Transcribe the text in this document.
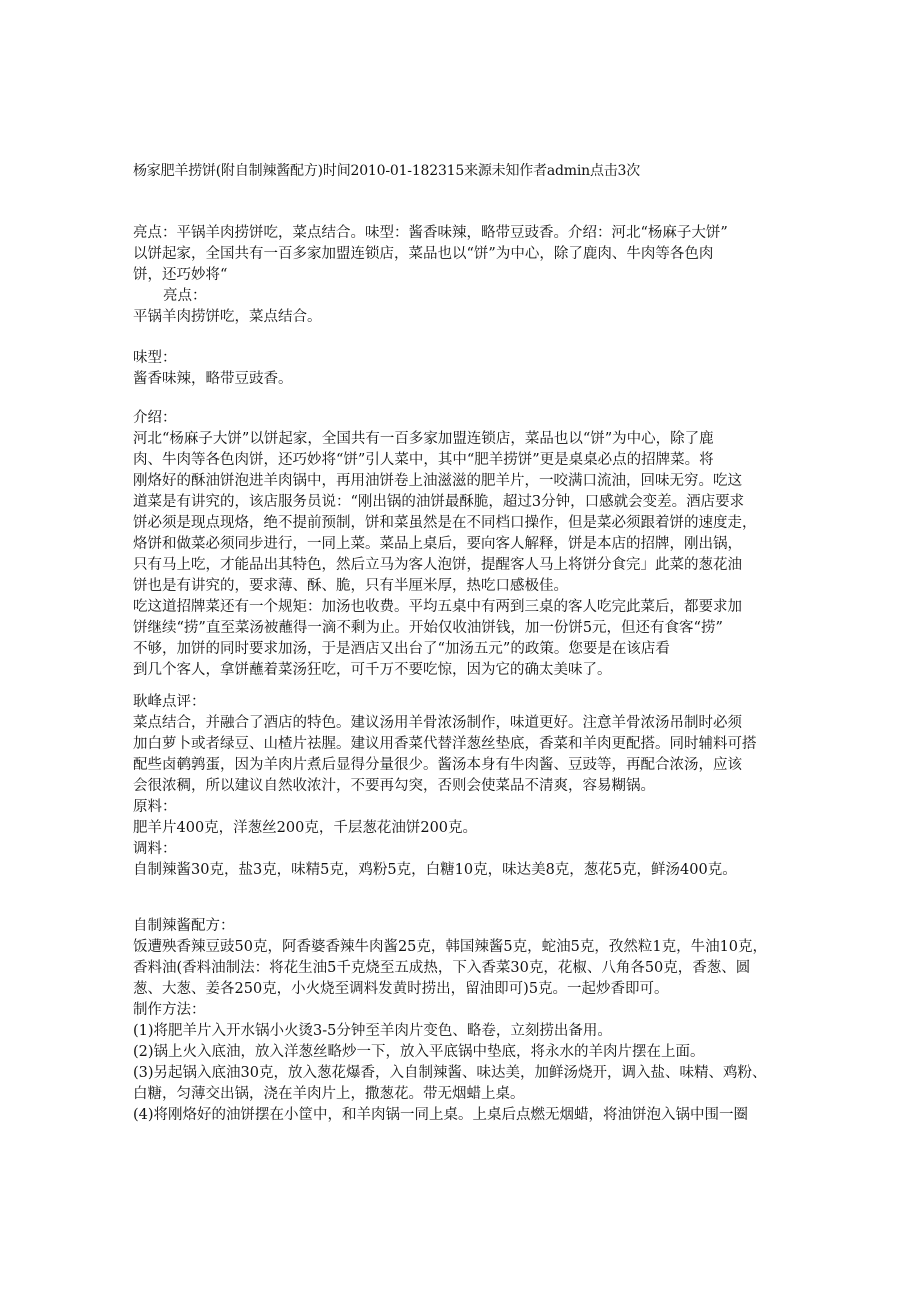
杨家肥羊捞饼(附自制辣酱配方)时间2010-01-182315来源未知作者admin点击3次

亮点：平锅羊肉捞饼吃，菜点结合。味型：酱香味辣，略带豆豉香。介绍：河北“杨麻子大饼”

以饼起家，全国共有一百多家加盟连锁店，菜品也以“饼”为中心，除了鹿肉、牛肉等各色肉

饼，还巧妙将“

亮点：

平锅羊肉捞饼吃，菜点结合。

味型：

酱香味辣，略带豆豉香。

介绍：

河北“杨麻子大饼”以饼起家，全国共有一百多家加盟连锁店，菜品也以“饼”为中心，除了鹿

肉、牛肉等各色肉饼，还巧妙将“饼”引人菜中，其中“肥羊捞饼”更是桌桌必点的招牌菜。将

刚烙好的酥油饼泡进羊肉锅中，再用油饼卷上油滋滋的肥羊片，一咬满口流油，回味无穷。吃这

道菜是有讲究的，该店服务员说：“刚出锅的油饼最酥脆，超过3分钟，口感就会变差。酒店要求

饼必须是现点现烙，绝不提前预制，饼和菜虽然是在不同档口操作，但是菜必须跟着饼的速度走，

烙饼和做菜必须同步进行，一同上菜。菜品上桌后，要向客人解释，饼是本店的招牌，刚出锅，

只有马上吃，才能品出其特色，然后立马为客人泡饼，提醒客人马上将饼分食完」此菜的葱花油

饼也是有讲究的，要求薄、酥、脆，只有半厘米厚，热吃口感极佳。

吃这道招牌菜还有一个规矩：加汤也收费。平均五桌中有两到三桌的客人吃完此菜后，都要求加

饼继续“捞”直至菜汤被蘸得一滴不剩为止。开始仅收油饼钱，加一份饼5元，但还有食客“捞”

不够，加饼的同时要求加汤，于是酒店又出台了“加汤五元”的政策。您要是在该店看

到几个客人，拿饼蘸着菜汤狂吃，可千万不要吃惊，因为它的确太美味了。

耿峰点评：

菜点结合，并融合了酒店的特色。建议汤用羊骨浓汤制作，味道更好。注意羊骨浓汤吊制时必须

加白萝卜或者绿豆、山楂片祛腥。建议用香菜代替洋葱丝垫底，香菜和羊肉更配搭。同时辅料可搭

配些卤鹌鹑蛋，因为羊肉片煮后显得分量很少。酱汤本身有牛肉酱、豆豉等，再配合浓汤，应该

会很浓稠，所以建议自然收浓汁，不要再勾突，否则会使菜品不清爽，容易糊锅。

原料：

肥羊片400克，洋葱丝200克，千层葱花油饼200克。

调料：

自制辣酱30克，盐3克，味精5克，鸡粉5克，白糖10克，味达美8克，葱花5克，鲜汤400克。

自制辣酱配方：

饭遭殃香辣豆豉50克，阿香婆香辣牛肉酱25克，韩国辣酱5克，蛇油5克，孜然粒1克，牛油10克，

香料油(香料油制法：将花生油5千克烧至五成热，下入香菜30克，花椒、八角各50克，香葱、圆

葱、大葱、姜各250克，小火烧至调料发黄时捞出，留油即可)5克。一起炒香即可。

制作方法：

(1)将肥羊片入开水锅小火烫3-5分钟至羊肉片变色、略卷，立刻捞出备用。

(2)锅上火入底油，放入洋葱丝略炒一下，放入平底锅中垫底，将永水的羊肉片摆在上面。

(3)另起锅入底油30克，放入葱花爆香，入自制辣酱、味达美，加鲜汤烧开，调入盐、味精、鸡粉、

白糖，匀薄交出锅，浇在羊肉片上，撒葱花。带无烟蜡上桌。

(4)将刚烙好的油饼摆在小筐中，和羊肉锅一同上桌。上桌后点燃无烟蜡，将油饼泡入锅中围一圈
